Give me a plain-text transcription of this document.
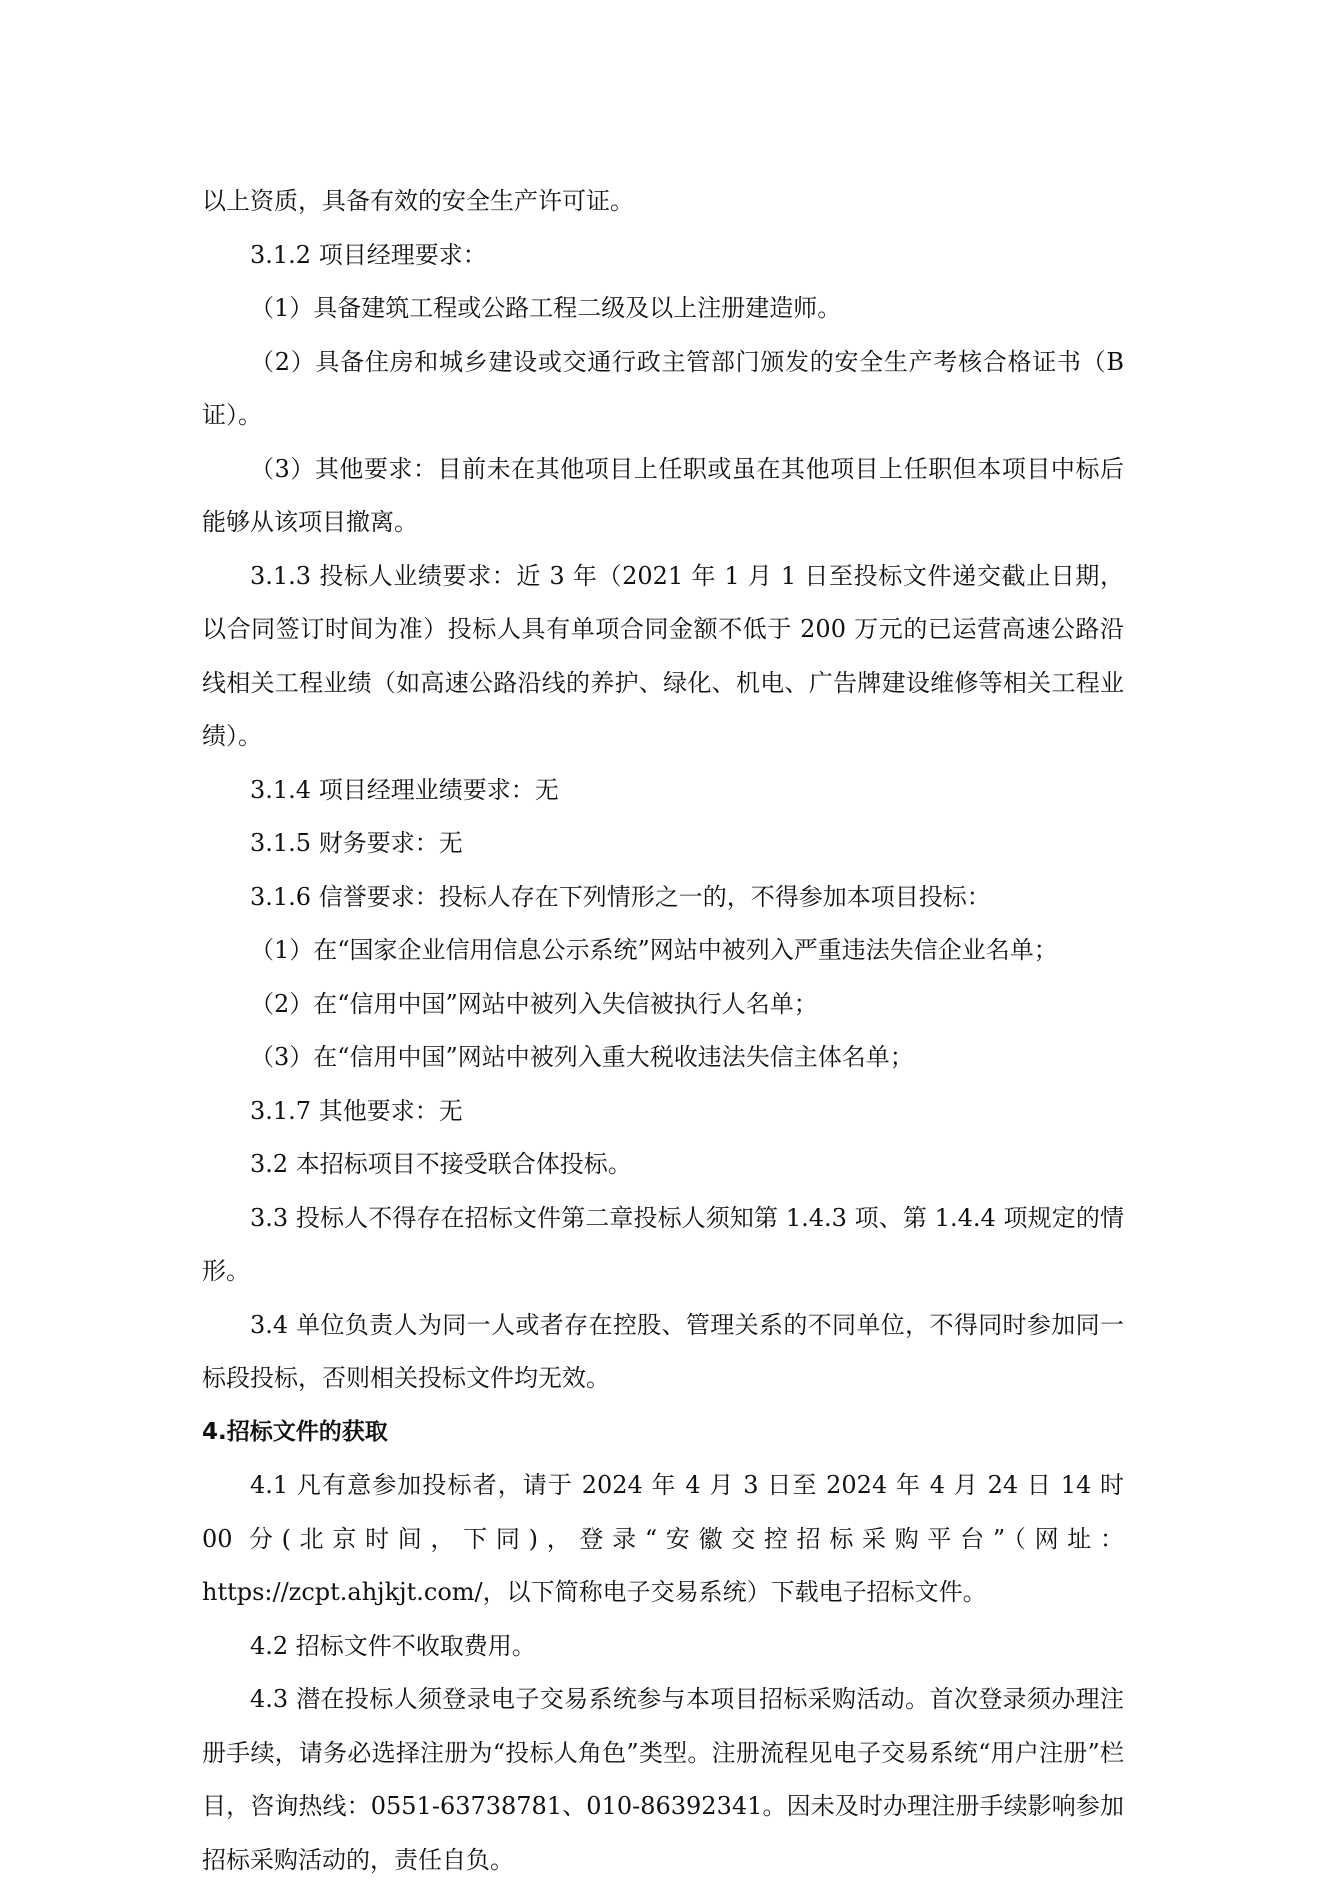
以上资质，具备有效的安全生产许可证。

3.1.2 项目经理要求：

（1）具备建筑工程或公路工程二级及以上注册建造师。

（2）具备住房和城乡建设或交通行政主管部门颁发的安全生产考核合格证书（B 证）。

（3）其他要求：目前未在其他项目上任职或虽在其他项目上任职但本项目中标后能够从该项目撤离。

3.1.3 投标人业绩要求：近 3 年（2021 年 1 月 1 日至投标文件递交截止日期，以合同签订时间为准）投标人具有单项合同金额不低于 200 万元的已运营高速公路沿线相关工程业绩（如高速公路沿线的养护、绿化、机电、广告牌建设维修等相关工程业绩）。

3.1.4 项目经理业绩要求：无

3.1.5 财务要求：无

3.1.6 信誉要求：投标人存在下列情形之一的，不得参加本项目投标：

（1）在“国家企业信用信息公示系统”网站中被列入严重违法失信企业名单；

（2）在“信用中国”网站中被列入失信被执行人名单；

（3）在“信用中国”网站中被列入重大税收违法失信主体名单；

3.1.7 其他要求：无

3.2 本招标项目不接受联合体投标。

3.3 投标人不得存在招标文件第二章投标人须知第 1.4.3 项、第 1.4.4 项规定的情形。

3.4 单位负责人为同一人或者存在控股、管理关系的不同单位，不得同时参加同一标段投标，否则相关投标文件均无效。

4.招标文件的获取

4.1 凡有意参加投标者，请于 2024 年 4 月 3 日至 2024 年 4 月 24 日 14 时 00 分(北京时间，下同)，登录“安徽交控招标采购平台”（网址：https://zcpt.ahjkjt.com/，以下简称电子交易系统）下载电子招标文件。

4.2 招标文件不收取费用。

4.3 潜在投标人须登录电子交易系统参与本项目招标采购活动。首次登录须办理注册手续，请务必选择注册为“投标人角色”类型。注册流程见电子交易系统“用户注册”栏目，咨询热线：0551-63738781、010-86392341。因未及时办理注册手续影响参加招标采购活动的，责任自负。
